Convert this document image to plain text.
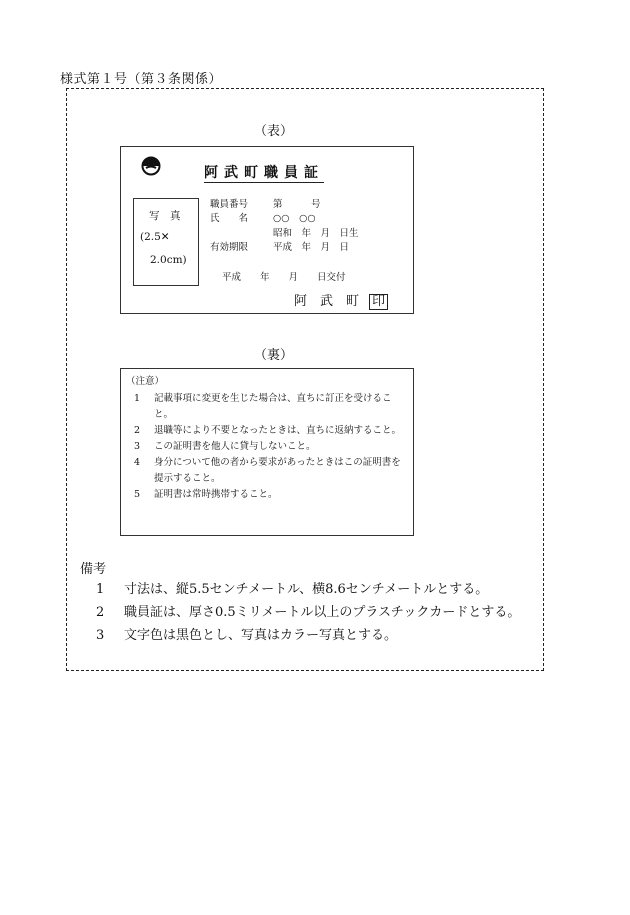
様式第１号（第３条関係）
（表）
阿武町職員証
写　真
(2.5✕
2.0cm)
職員番号	第　　　号
氏　　名	○○　○○
昭和　年　月　日生
有効期限	平成　年　月　日
平成　　年　　月　　日交付
阿　武　町 印
（裏）
（注意）
1	記載事項に変更を生じた場合は、直ちに訂正を受けること。
2	退職等により不要となったときは、直ちに返納すること。
3	この証明書を他人に貸与しないこと。
4	身分について他の者から要求があったときはこの証明書を提示すること。
5	証明書は常時携帯すること。
備考
1	寸法は、縦5.5センチメートル、横8.6センチメートルとする。
2	職員証は、厚さ0.5ミリメートル以上のプラスチックカードとする。
3	文字色は黒色とし、写真はカラー写真とする。
